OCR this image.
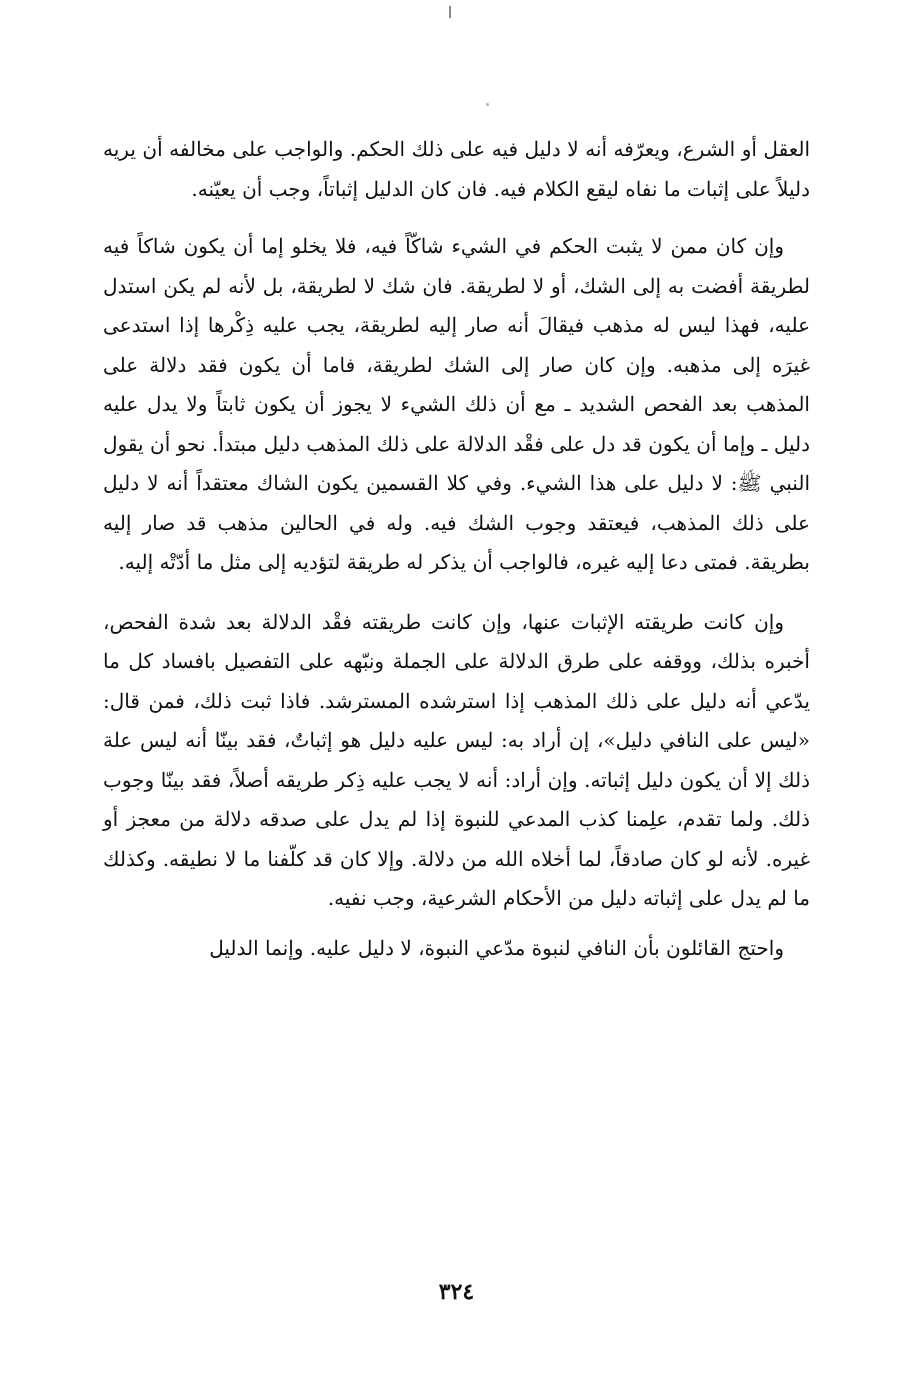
العقل أو الشرع، ويعرّفه أنه لا دليل فيه على ذلك الحكم. والواجب على مخالفه أن يريه دليلاً على إثبات ما نفاه ليقع الكلام فيه. فان كان الدليل إثباتاً، وجب أن يعيّنه.

وإن كان ممن لا يثبت الحكم في الشيء شاكّاً فيه، فلا يخلو إما أن يكون شاكاً فيه لطريقة أفضت به إلى الشك، أو لا لطريقة. فان شك لا لطريقة، بل لأنه لم يكن استدل عليه، فهذا ليس له مذهب فيقالَ أنه صار إليه لطريقة، يجب عليه ذِكْرها إذا استدعى غيرَه إلى مذهبه. وإن كان صار إلى الشك لطريقة، فاما أن يكون فقد دلالة على المذهب بعد الفحص الشديد ـ مع أن ذلك الشيء لا يجوز أن يكون ثابتاً ولا يدل عليه دليل ـ وإما أن يكون قد دل على فقْد الدلالة على ذلك المذهب دليل مبتدأ. نحو أن يقول النبي ﷺ: لا دليل على هذا الشيء. وفي كلا القسمين يكون الشاك معتقداً أنه لا دليل على ذلك المذهب، فيعتقد وجوب الشك فيه. وله في الحالين مذهب قد صار إليه بطريقة. فمتى دعا إليه غيره، فالواجب أن يذكر له طريقة لتؤديه إلى مثل ما أدّتْه إليه.

وإن كانت طريقته الإثبات عنها، وإن كانت طريقته فقْد الدلالة بعد شدة الفحص، أخبره بذلك، ووقفه على طرق الدلالة على الجملة ونبّهه على التفصيل بافساد كل ما يدّعي أنه دليل على ذلك المذهب إذا استرشده المسترشد. فاذا ثبت ذلك، فمن قال: «ليس على النافي دليل»، إن أراد به: ليس عليه دليل هو إثباتٌ، فقد بينّا أنه ليس علة ذلك إلا أن يكون دليل إثباته. وإن أراد: أنه لا يجب عليه ذِكر طريقه أصلاً، فقد بينّا وجوب ذلك. ولما تقدم، علِمنا كذب المدعي للنبوة إذا لم يدل على صدقه دلالة من معجز أو غيره. لأنه لو كان صادقاً، لما أخلاه الله من دلالة. وإلا كان قد كلّفنا ما لا نطيقه. وكذلك ما لم يدل على إثباته دليل من الأحكام الشرعية، وجب نفيه.

واحتج القائلون بأن النافي لنبوة مدّعي النبوة، لا دليل عليه. وإنما الدليل

٣٢٤
